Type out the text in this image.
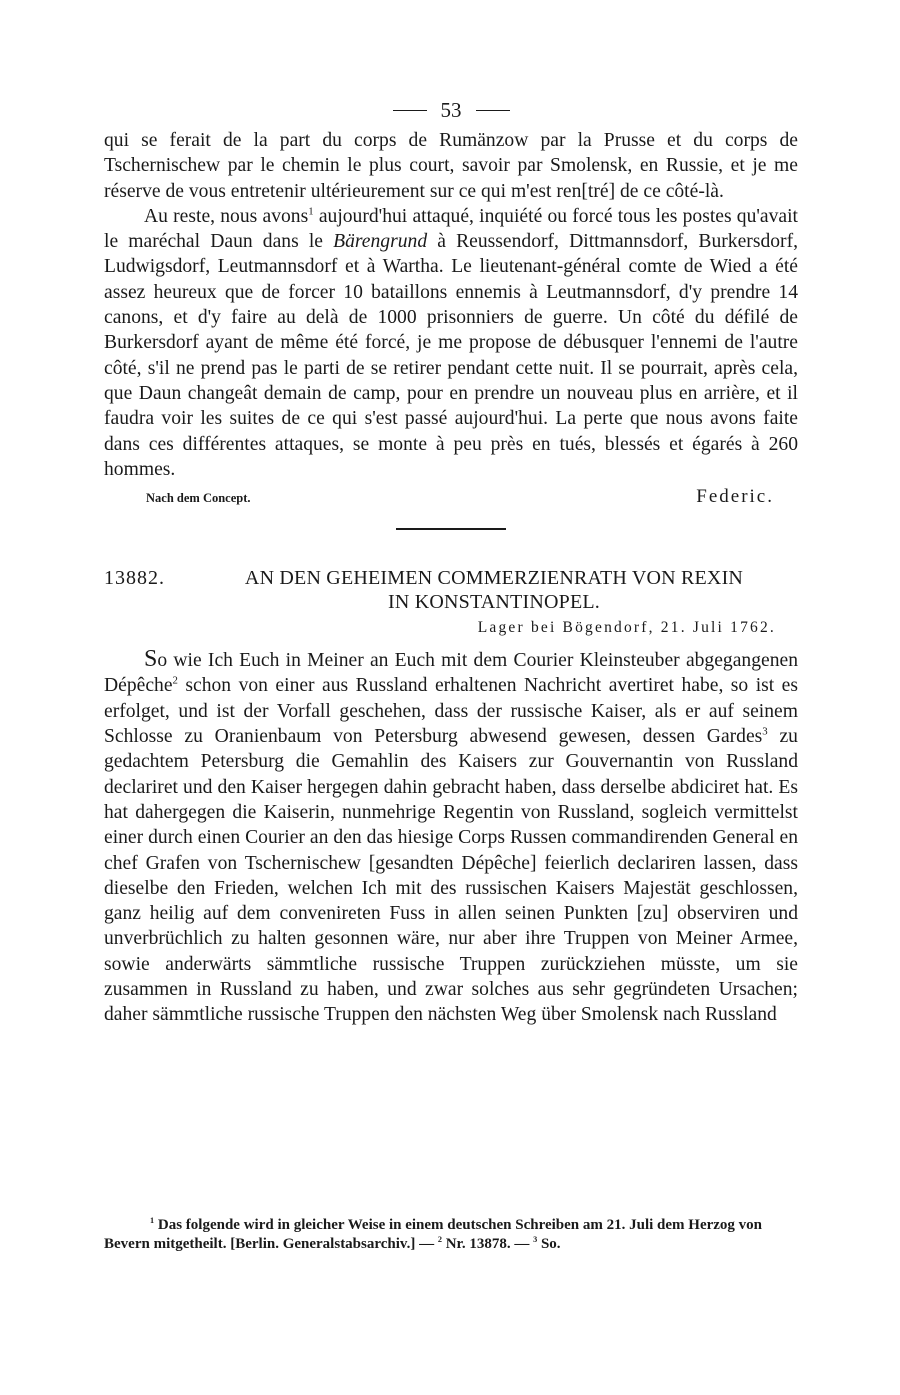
53

qui se ferait de la part du corps de Rumänzow par la Prusse et du corps de Tschernischew par le chemin le plus court, savoir par Smolensk, en Russie, et je me réserve de vous entretenir ultérieurement sur ce qui m'est ren[tré] de ce côté-là.

Au reste, nous avons$^1$ aujourd'hui attaqué, inquiété ou forcé tous les postes qu'avait le maréchal Daun dans le Bärengrund à Reussendorf, Dittmannsdorf, Burkersdorf, Ludwigsdorf, Leutmannsdorf et à Wartha. Le lieutenant-général comte de Wied a été assez heureux que de forcer 10 bataillons ennemis à Leutmannsdorf, d'y prendre 14 canons, et d'y faire au delà de 1000 prisonniers de guerre. Un côté du défilé de Burkersdorf ayant de même été forcé, je me propose de débusquer l'ennemi de l'autre côté, s'il ne prend pas le parti de se retirer pendant cette nuit. Il se pourrait, après cela, que Daun changeât demain de camp, pour en prendre un nouveau plus en arrière, et il faudra voir les suites de ce qui s'est passé aujourd'hui. La perte que nous avons faite dans ces différentes attaques, se monte à peu près en tués, blessés et égarés à 260 hommes.

Nach dem Concept.	Federic.
13882.	AN DEN GEHEIMEN COMMERZIENRATH VON REXIN
IN KONSTANTINOPEL.
Lager bei Bögendorf, 21. Juli 1762.

So wie Ich Euch in Meiner an Euch mit dem Courier Kleinsteuber abgegangenen Dépêche$^2$ schon von einer aus Russland erhaltenen Nachricht avertiret habe, so ist es erfolget, und ist der Vorfall geschehen, dass der russische Kaiser, als er auf seinem Schlosse zu Oranienbaum von Petersburg abwesend gewesen, dessen Gardes$^3$ zu gedachtem Petersburg die Gemahlin des Kaisers zur Gouvernantin von Russland declariret und den Kaiser hergegen dahin gebracht haben, dass derselbe abdiciret hat. Es hat dahergegen die Kaiserin, nunmehrige Regentin von Russland, sogleich vermittelst einer durch einen Courier an den das hiesige Corps Russen commandirenden General en chef Grafen von Tschernischew [gesandten Dépêche] feierlich declariren lassen, dass dieselbe den Frieden, welchen Ich mit des russischen Kaisers Majestät geschlossen, ganz heilig auf dem convenireten Fuss in allen seinen Punkten [zu] observiren und unverbrüchlich zu halten gesonnen wäre, nur aber ihre Truppen von Meiner Armee, sowie anderwärts sämmtliche russische Truppen zurückziehen müsste, um sie zusammen in Russland zu haben, und zwar solches aus sehr gegründeten Ursachen; daher sämmtliche russische Truppen den nächsten Weg über Smolensk nach Russland

$^1$ Das folgende wird in gleicher Weise in einem deutschen Schreiben am 21. Juli dem Herzog von Bevern mitgetheilt. [Berlin. Generalstabsarchiv.] — $^2$ Nr. 13878. — $^3$ So.
